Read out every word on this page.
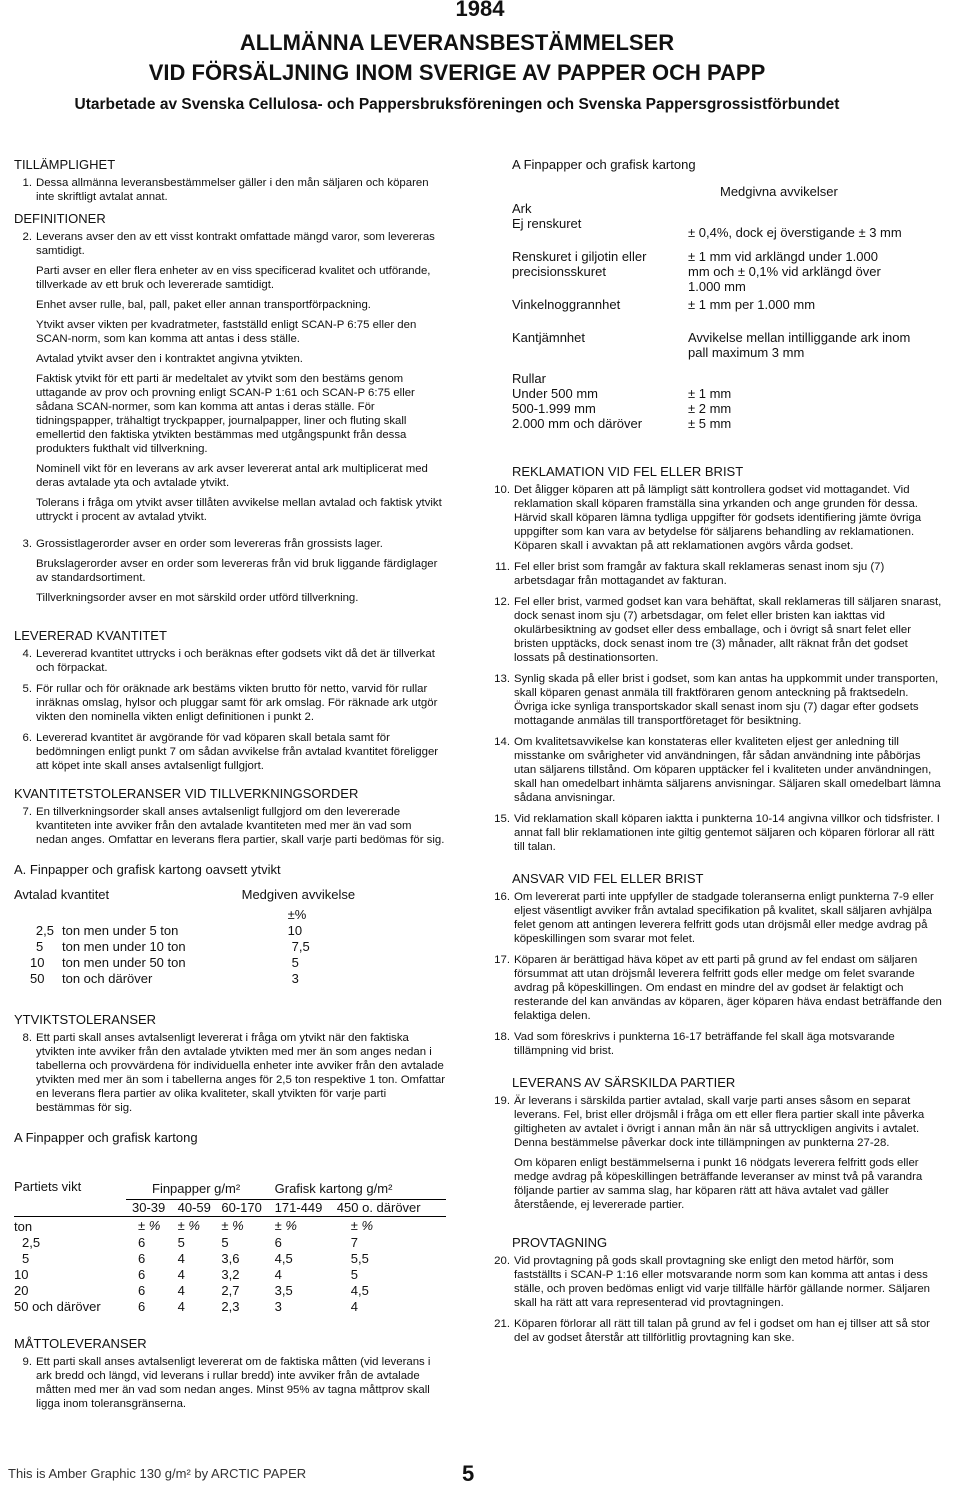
1984
ALLMÄNNA LEVERANSBESTÄMMELSER
VID FÖRSÄLJNING INOM SVERIGE AV PAPPER OCH PAPP
Utarbetade av Svenska Cellulosa- och Pappersbruksföreningen och Svenska Pappersgrossistförbundet
TILLÄMPLIGHET
1. Dessa allmänna leveransbestämmelser gäller i den mån säljaren och köparen inte skriftligt avtalat annat.
DEFINITIONER
2. Leverans avser den av ett visst kontrakt omfattade mängd varor, som levereras samtidigt.
Parti avser en eller flera enheter av en viss specificerad kvalitet och utförande, tillverkade av ett bruk och levererade samtidigt.
Enhet avser rulle, bal, pall, paket eller annan transportförpackning.
Ytvikt avser vikten per kvadratmeter, fastställd enligt SCAN-P 6:75 eller den SCAN-norm, som kan komma att antas i dess ställe.
Avtalad ytvikt avser den i kontraktet angivna ytvikten.
Faktisk ytvikt för ett parti är medeltalet av ytvikt som den bestäms genom uttagande av prov och provning enligt SCAN-P 1:61 och SCAN-P 6:75 eller sådana SCAN-normer, som kan komma att antas i deras ställe. För tidningspapper, trähaltigt tryckpapper, journalpapper, liner och fluting skall emellertid den faktiska ytvikten bestämmas med utgångspunkt från dessa produkters fukthalt vid tillverkning.
Nominell vikt för en leverans av ark avser levererat antal ark multiplicerat med deras avtalade yta och avtalade ytvikt.
Tolerans i fråga om ytvikt avser tillåten avvikelse mellan avtalad och faktisk ytvikt uttryckt i procent av avtalad ytvikt.
3. Grossistlagerorder avser en order som levereras från grossists lager.
Brukslagerorder avser en order som levereras från vid bruk liggande färdiglager av standardsortiment.
Tillverkningsorder avser en mot särskild order utförd tillverkning.
LEVERERAD KVANTITET
4. Levererad kvantitet uttrycks i och beräknas efter godsets vikt då det är tillverkat och förpackat.
5. För rullar och för oräknade ark bestäms vikten brutto för netto, varvid för rullar inräknas omslag, hylsor och pluggar samt för ark omslag. För räknade ark utgör vikten den nominella vikten enligt definitionen i punkt 2.
6. Levererad kvantitet är avgörande för vad köparen skall betala samt för bedömningen enligt punkt 7 om sådan avvikelse från avtalad kvantitet föreligger att köpet inte skall anses avtalsenligt fullgjort.
KVANTITETSTOLERANSER VID TILLVERKNINGSORDER
7. En tillverkningsorder skall anses avtalsenligt fullgjord om den levererade kvantiteten inte avviker från den avtalade kvantiteten med mer än vad som nedan anges. Omfattar en leverans flera partier, skall varje parti bedömas för sig.
A. Finpapper och grafisk kartong oavsett ytvikt
Avtalad kvantitet		Medgiven avvikelse
		±%
2,5	ton men under 5 ton	10
5	ton men under 10 ton	7,5
10	ton men under 50 ton	5
50	ton och däröver	3
YTVIKTSTOLERANSER
8. Ett parti skall anses avtalsenligt levererat i fråga om ytvikt när den faktiska ytvikten inte avviker från den avtalade ytvikten med mer än som anges nedan i tabellerna och provvärdena för individuella enheter inte avviker från den avtalade ytvikten med mer än som i tabellerna anges för 2,5 ton respektive 1 ton. Omfattar en leverans flera partier av olika kvaliteter, skall ytvikten för varje parti bestämmas för sig.
A Finpapper och grafisk kartong
Partiets vikt	Finpapper g/m²			Grafisk kartong g/m²	
	30-39	40-59	60-170	171-449	450 o. däröver
ton	± %	± %	± %	± %	± %
2,5	6	5	5	6	7
5	6	4	3,6	4,5	5,5
10	6	4	3,2	4	5
20	6	4	2,7	3,5	4,5
50 och däröver	6	4	2,3	3	4
MÅTTOLEVERANSER
9. Ett parti skall anses avtalsenligt levererat om de faktiska måtten (vid leverans i ark bredd och längd, vid leverans i rullar bredd) inte avviker från de avtalade måtten med mer än vad som nedan anges. Minst 95% av tagna måttprov skall ligga inom toleransgränserna.
A Finpapper och grafisk kartong
	Medgivna avvikelser
Ark	
Ej renskuret	± 0,4%, dock ej överstigande ± 3 mm
Renskuret i giljotin eller precisionsskuret	± 1 mm vid arklängd under 1.000 mm och ± 0,1% vid arklängd över 1.000 mm
Vinkelnoggrannhet	± 1 mm per 1.000 mm
Kantjämnhet	Avvikelse mellan intilliggande ark inom pall maximum 3 mm
Rullar	
Under 500 mm	± 1 mm
500-1.999 mm	± 2 mm
2.000 mm och däröver	± 5 mm
REKLAMATION VID FEL ELLER BRIST
10. Det åligger köparen att på lämpligt sätt kontrollera godset vid mottagandet. Vid reklamation skall köparen framställa sina yrkanden och ange grunden för dessa. Härvid skall köparen lämna tydliga uppgifter för godsets identifiering jämte övriga uppgifter som kan vara av betydelse för säljarens behandling av reklamationen. Köparen skall i avvaktan på att reklamationen avgörs vårda godset.
11. Fel eller brist som framgår av faktura skall reklameras senast inom sju (7) arbetsdagar från mottagandet av fakturan.
12. Fel eller brist, varmed godset kan vara behäftat, skall reklameras till säljaren snarast, dock senast inom sju (7) arbetsdagar, om felet eller bristen kan iakttas vid okulärbesiktning av godset eller dess emballage, och i övrigt så snart felet eller bristen upptäcks, dock senast inom tre (3) månader, allt räknat från det godset lossats på destinationsorten.
13. Synlig skada på eller brist i godset, som kan antas ha uppkommit under transporten, skall köparen genast anmäla till fraktföraren genom anteckning på fraktsedeln. Övriga icke synliga transportskador skall senast inom sju (7) dagar efter godsets mottagande anmälas till transportföretaget för besiktning.
14. Om kvalitetsavvikelse kan konstateras eller kvaliteten eljest ger anledning till misstanke om svårigheter vid användningen, får sådan användning inte påbörjas utan säljarens tillstånd. Om köparen upptäcker fel i kvaliteten under användningen, skall han omedelbart inhämta säljarens anvisningar. Säljaren skall omedelbart lämna sådana anvisningar.
15. Vid reklamation skall köparen iaktta i punkterna 10-14 angivna villkor och tidsfrister. I annat fall blir reklamationen inte giltig gentemot säljaren och köparen förlorar all rätt till talan.
ANSVAR VID FEL ELLER BRIST
16. Om levererat parti inte uppfyller de stadgade toleranserna enligt punkterna 7-9 eller eljest väsentligt avviker från avtalad specifikation på kvalitet, skall säljaren avhjälpa felet genom att antingen leverera felfritt gods utan dröjsmål eller medge avdrag på köpeskillingen som svarar mot felet.
17. Köparen är berättigad häva köpet av ett parti på grund av fel endast om säljaren försummat att utan dröjsmål leverera felfritt gods eller medge om felet svarande avdrag på köpeskillingen. Om endast en mindre del av godset är felaktigt och resterande del kan användas av köparen, äger köparen häva endast beträffande den felaktiga delen.
18. Vad som föreskrivs i punkterna 16-17 beträffande fel skall äga motsvarande tillämpning vid brist.
LEVERANS AV SÄRSKILDA PARTIER
19. Är leverans i särskilda partier avtalad, skall varje parti anses såsom en separat leverans. Fel, brist eller dröjsmål i fråga om ett eller flera partier skall inte påverka giltigheten av avtalet i övrigt i annan mån än när så uttryckligen angivits i avtalet. Denna bestämmelse påverkar dock inte tillämpningen av punkterna 27-28.
Om köparen enligt bestämmelserna i punkt 16 nödgats leverera felfritt gods eller medge avdrag på köpeskillingen beträffande leveranser av minst två på varandra följande partier av samma slag, har köparen rätt att häva avtalet vad gäller återstående, ej levererade partier.
PROVTAGNING
20. Vid provtagning på gods skall provtagning ske enligt den metod härför, som fastställts i SCAN-P 1:16 eller motsvarande norm som kan komma att antas i dess ställe, och proven bedömas enligt vid varje tillfälle härför gällande normer. Säljaren skall ha rätt att vara representerad vid provtagningen.
21. Köparen förlorar all rätt till talan på grund av fel i godset om han ej tillser att så stor del av godset återstår att tillförlitlig provtagning kan ske.
This is Amber Graphic 130 g/m² by ARCTIC PAPER	5
